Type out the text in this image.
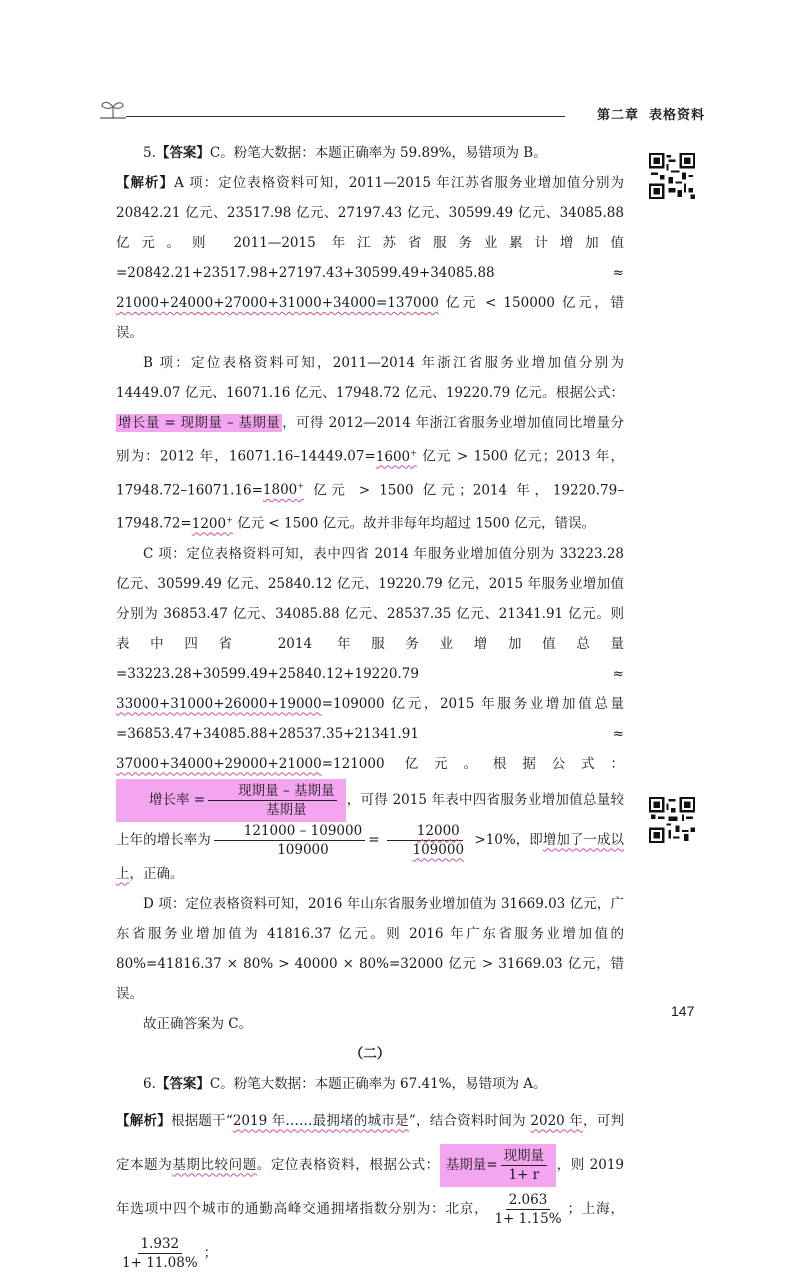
第二章 表格资料

5.【答案】C。粉笔大数据：本题正确率为 59.89%，易错项为 B。

【解析】A 项：定位表格资料可知，2011—2015 年江苏省服务业增加值分别为 20842.21 亿元、23517.98 亿元、27197.43 亿元、30599.49 亿元、34085.88 亿元。则 2011—2015 年江苏省服务业累计增加值 =20842.21+23517.98+27197.43+30599.49+34085.88 ≈ 21000+24000+27000+31000+34000=137000 亿元 < 150000 亿元，错误。

B 项：定位表格资料可知，2011—2014 年浙江省服务业增加值分别为 14449.07 亿元、16071.16 亿元、17948.72 亿元、19220.79 亿元。根据公式：增长量 = 现期量 – 基期量 ，可得 2012—2014 年浙江省服务业增加值同比增量分别为：2012 年，16071.16–14449.07=1600+ 亿元 > 1500 亿元；2013 年，17948.72–16071.16=1800+ 亿元 > 1500 亿元；2014 年，19220.79–17948.72=1200+ 亿元 < 1500 亿元。故并非每年均超过 1500 亿元，错误。

C 项：定位表格资料可知，表中四省 2014 年服务业增加值分别为 33223.28 亿元、30599.49 亿元、25840.12 亿元、19220.79 亿元，2015 年服务业增加值分别为 36853.47 亿元、34085.88 亿元、28537.35 亿元、21341.91 亿元。则表中四省 2014 年服务业增加值总量 =33223.28+30599.49+25840.12+19220.79 ≈ 33000+31000+26000+19000=109000 亿元，2015 年服务业增加值总量 =36853.47+34085.88+28537.35+21341.91 ≈ 37000+34000+29000+21000=121000 亿元。根据公式：增长率 = $\frac{\text{现期量 – 基期量}}{\text{基期量}}$ ，可得 2015 年表中四省服务业增加值总量较上年的增长率为 $\frac{121000 - 109000}{109000} = \frac{12000}{109000} >10\%$，即增加了一成以上，正确。

D 项：定位表格资料可知，2016 年山东省服务业增加值为 31669.03 亿元，广东省服务业增加值为 41816.37 亿元。则 2016 年广东省服务业增加值的 80%=41816.37 × 80% > 40000 × 80%=32000 亿元 > 31669.03 亿元，错误。

故正确答案为 C。

（二）

6.【答案】C。粉笔大数据：本题正确率为 67.41%，易错项为 A。

【解析】根据题干“2019 年……最拥堵的城市是”，结合资料时间为 2020 年，可判定本题为基期比较问题。定位表格资料，根据公式： 基期量= $\frac{\text{现期量}}{1+ r}$ ，则 2019 年选项中四个城市的通勤高峰交通拥堵指数分别为：北京， $\frac{2.063}{1+ 1.15\%}$ ；上海，
$\frac{1.932}{1+ 11.08\%}$ ；

147
